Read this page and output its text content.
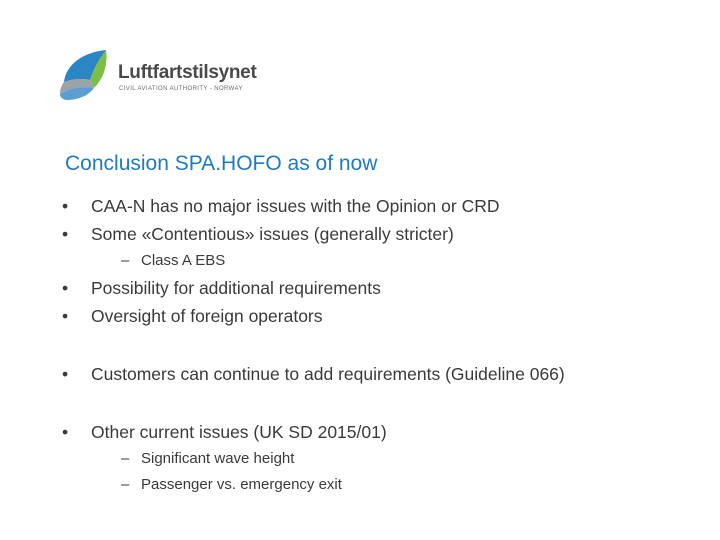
Luftfartstilsynet
CIVIL AVIATION AUTHORITY - NORWAY
Conclusion SPA.HOFO as of now
•	CAA-N has no major issues with the Opinion or CRD
•	Some «Contentious» issues (generally stricter)
– Class A EBS
•	Possibility for additional requirements
•	Oversight of foreign operators
•	Customers can continue to add requirements (Guideline 066)
•	Other current issues (UK SD 2015/01)
– Significant wave height
– Passenger vs. emergency exit
